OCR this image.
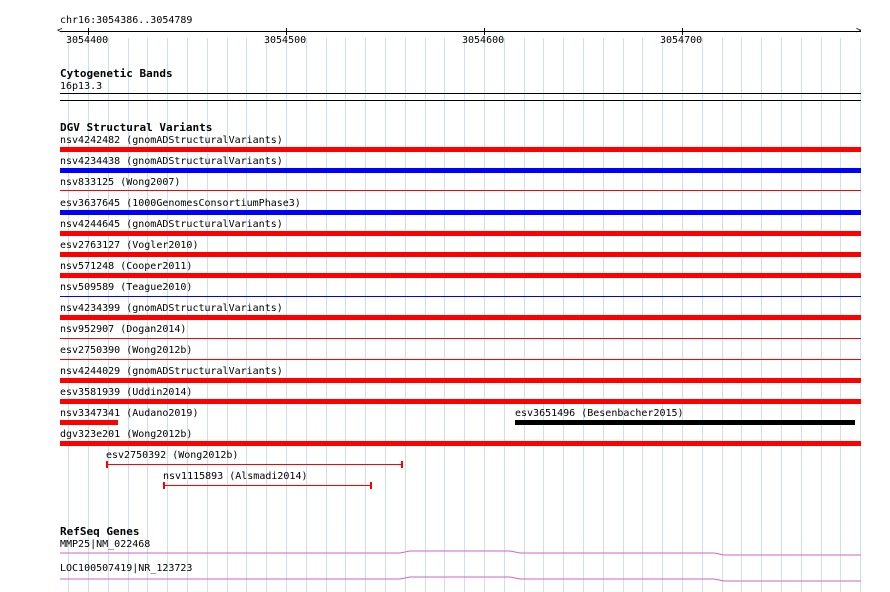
chr16:3054386..3054789
<	>
3054400	3054500	3054600	3054700
Cytogenetic Bands
16p13.3
DGV Structural Variants
nsv4242482 (gnomADStructuralVariants)
nsv4234438 (gnomADStructuralVariants)
nsv833125 (Wong2007)
esv3637645 (1000GenomesConsortiumPhase3)
nsv4244645 (gnomADStructuralVariants)
esv2763127 (Vogler2010)
nsv571248 (Cooper2011)
nsv509589 (Teague2010)
nsv4234399 (gnomADStructuralVariants)
nsv952907 (Dogan2014)
esv2750390 (Wong2012b)
nsv4244029 (gnomADStructuralVariants)
esv3581939 (Uddin2014)
nsv3347341 (Audano2019)	esv3651496 (Besenbacher2015)
dgv323e201 (Wong2012b)
esv2750392 (Wong2012b)
nsv1115893 (Alsmadi2014)
RefSeq Genes
MMP25|NM_022468
LOC100507419|NR_123723
